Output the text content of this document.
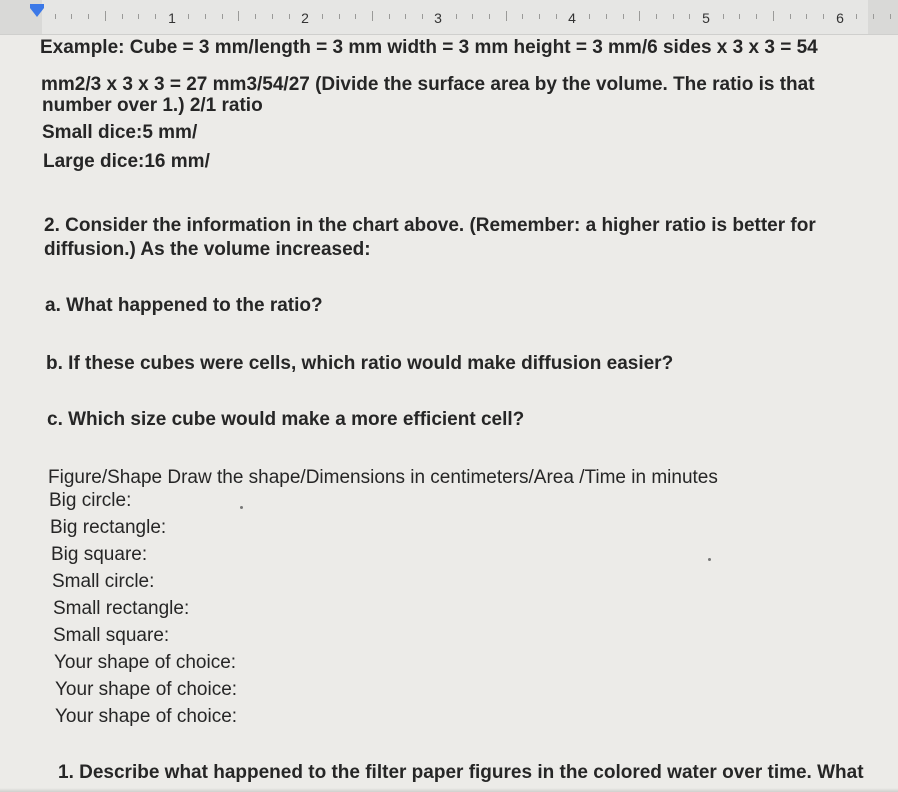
1	2	3	4	5	6
Example: Cube = 3 mm/length = 3 mm width = 3 mm height = 3 mm/6 sides x 3 x 3 = 54
mm2/3 x 3 x 3 = 27 mm3/54/27 (Divide the surface area by the volume. The ratio is that
number over 1.) 2/1 ratio
Small dice:5 mm/
Large dice:16 mm/
2. Consider the information in the chart above. (Remember: a higher ratio is better for
diffusion.) As the volume increased:
a. What happened to the ratio?
b. If these cubes were cells, which ratio would make diffusion easier?
c. Which size cube would make a more efficient cell?
Figure/Shape Draw the shape/Dimensions in centimeters/Area /Time in minutes
Big circle:
Big rectangle:
Big square:
Small circle:
Small rectangle:
Small square:
Your shape of choice:
Your shape of choice:
Your shape of choice:
1. Describe what happened to the filter paper figures in the colored water over time. What
